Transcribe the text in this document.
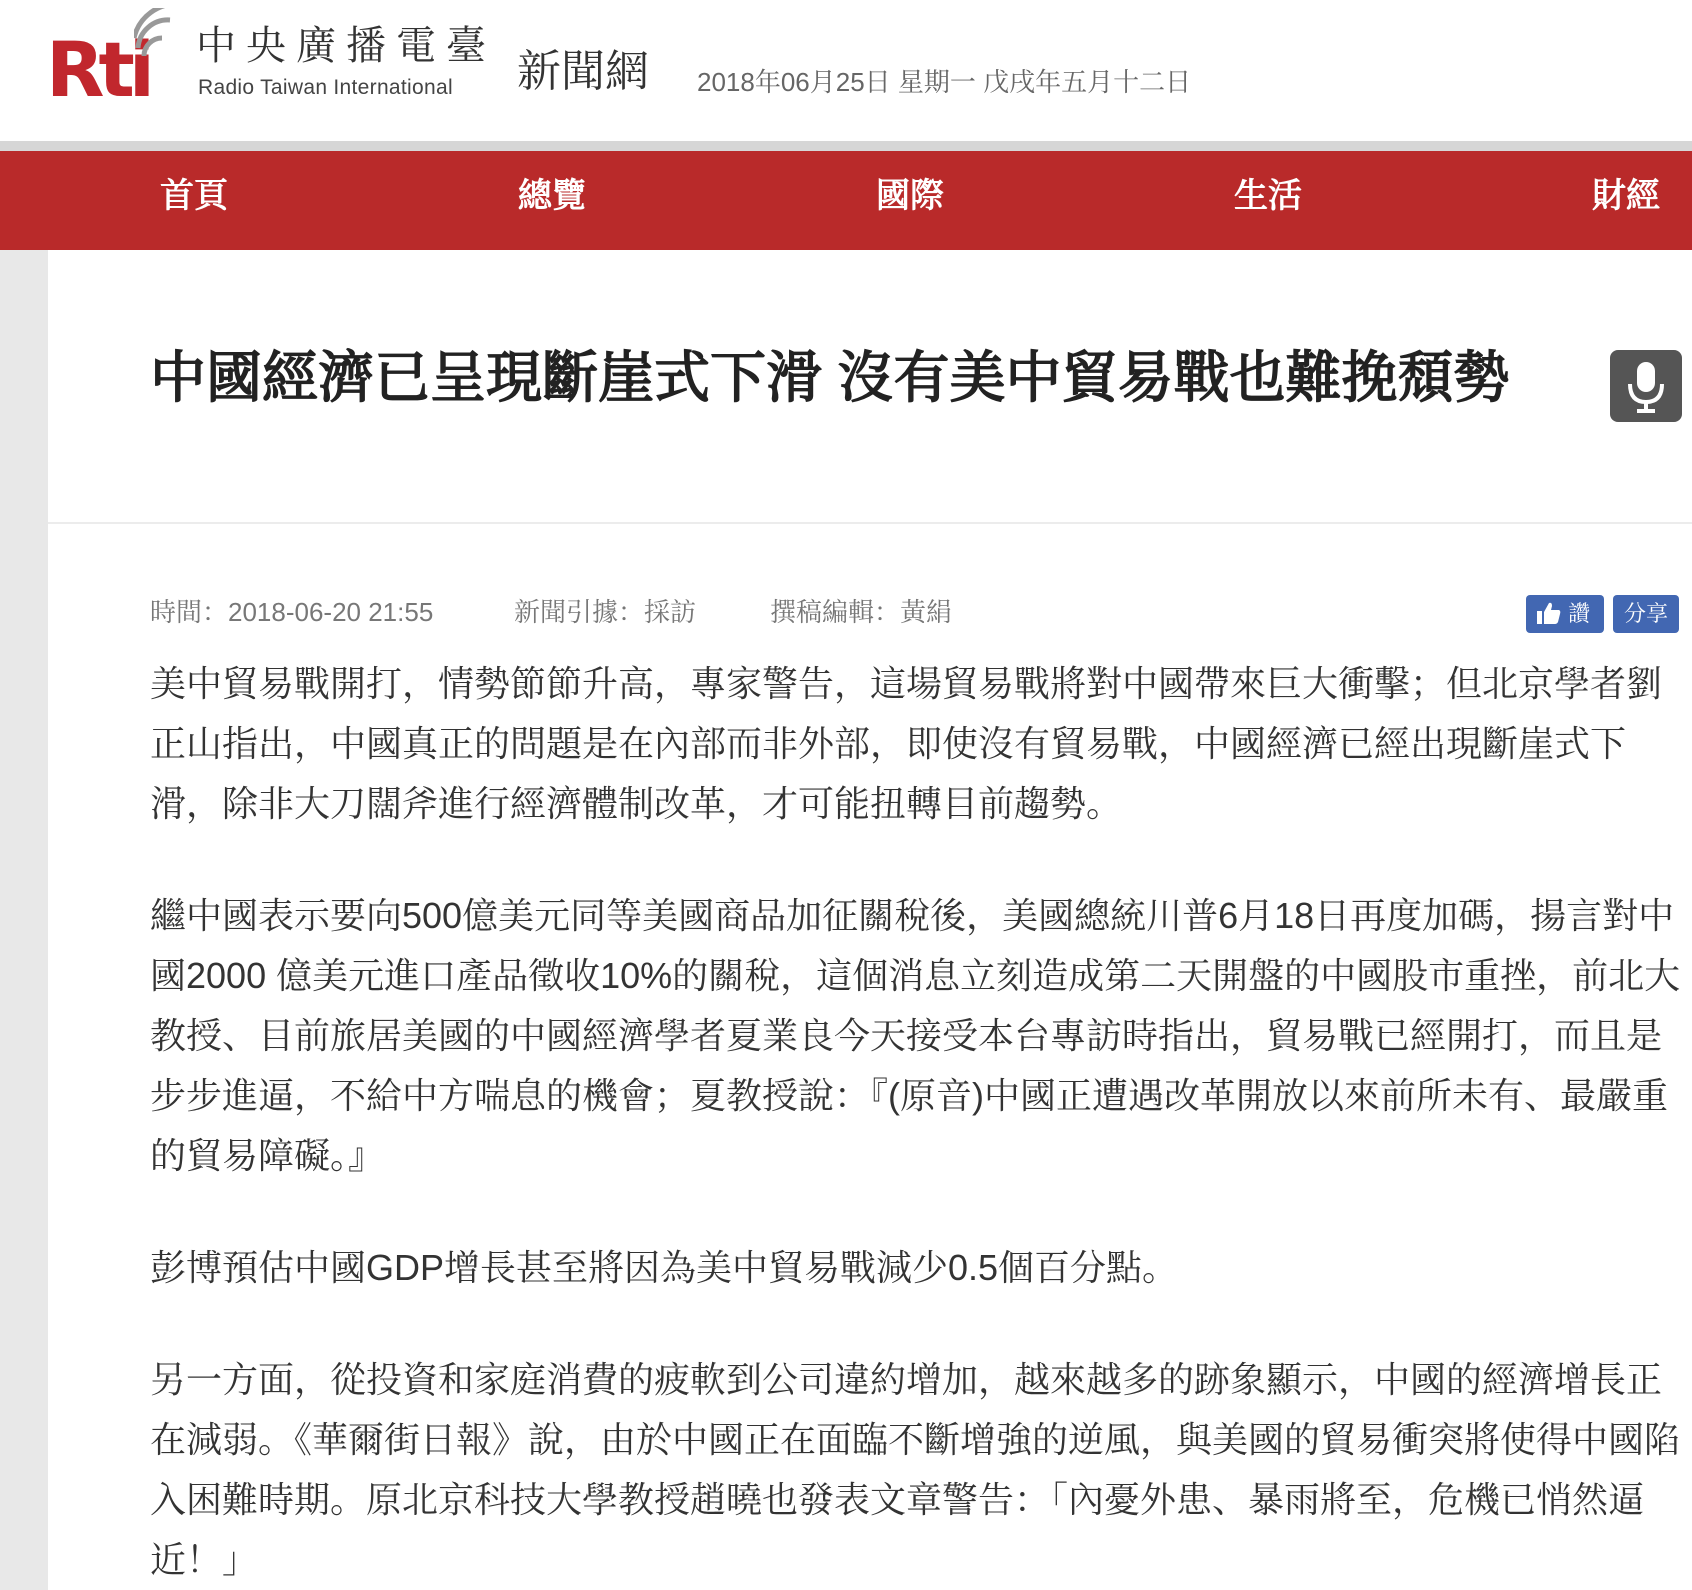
Rti 中央廣播電臺
Radio Taiwan International 新聞網 2018年06月25日 星期一 戊戌年五月十二日
首頁	總覽	國際	生活	財經
中國經濟已呈現斷崖式下滑 沒有美中貿易戰也難挽頹勢
時間：2018-06-20 21:55	新聞引據：採訪	撰稿編輯：黃絹	讚	分享

美中貿易戰開打，情勢節節升高，專家警告，這場貿易戰將對中國帶來巨大衝擊；但北京學者劉正山指出，中國真正的問題是在內部而非外部，即使沒有貿易戰，中國經濟已經出現斷崖式下滑，除非大刀闊斧進行經濟體制改革，才可能扭轉目前趨勢。

繼中國表示要向500億美元同等美國商品加征關稅後，美國總統川普6月18日再度加碼，揚言對中國2000 億美元進口產品徵收10%的關稅，這個消息立刻造成第二天開盤的中國股市重挫，前北大教授、目前旅居美國的中國經濟學者夏業良今天接受本台專訪時指出，貿易戰已經開打，而且是步步進逼，不給中方喘息的機會；夏教授說：『(原音)中國正遭遇改革開放以來前所未有、最嚴重的貿易障礙。』

彭博預估中國GDP增長甚至將因為美中貿易戰減少0.5個百分點。

另一方面，從投資和家庭消費的疲軟到公司違約增加，越來越多的跡象顯示，中國的經濟增長正在減弱。《華爾街日報》說，由於中國正在面臨不斷增強的逆風，與美國的貿易衝突將使得中國陷入困難時期。原北京科技大學教授趙曉也發表文章警告：「內憂外患、暴雨將至，危機已悄然逼近！」
